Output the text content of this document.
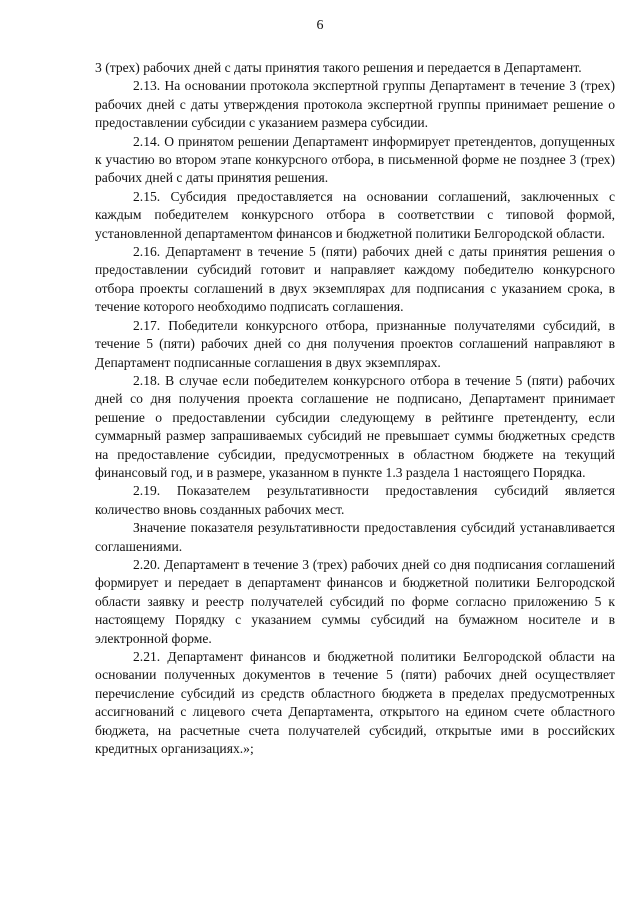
6

3 (трех) рабочих дней с даты принятия такого решения и передается в Департамент.

2.13. На основании протокола экспертной группы Департамент в течение 3 (трех) рабочих дней с даты утверждения протокола экспертной группы принимает решение о предоставлении субсидии с указанием размера субсидии.

2.14. О принятом решении Департамент информирует претендентов, допущенных к участию во втором этапе конкурсного отбора, в письменной форме не позднее 3 (трех) рабочих дней с даты принятия решения.

2.15. Субсидия предоставляется на основании соглашений, заключенных с каждым победителем конкурсного отбора в соответствии с типовой формой, установленной департаментом финансов и бюджетной политики Белгородской области.

2.16. Департамент в течение 5 (пяти) рабочих дней с даты принятия решения о предоставлении субсидий готовит и направляет каждому победителю конкурсного отбора проекты соглашений в двух экземплярах для подписания с указанием срока, в течение которого необходимо подписать соглашения.

2.17. Победители конкурсного отбора, признанные получателями субсидий, в течение 5 (пяти) рабочих дней со дня получения проектов соглашений направляют в Департамент подписанные соглашения в двух экземплярах.

2.18. В случае если победителем конкурсного отбора в течение 5 (пяти) рабочих дней со дня получения проекта соглашение не подписано, Департамент принимает решение о предоставлении субсидии следующему в рейтинге претенденту, если суммарный размер запрашиваемых субсидий не превышает суммы бюджетных средств на предоставление субсидии, предусмотренных в областном бюджете на текущий финансовый год, и в размере, указанном в пункте 1.3 раздела 1 настоящего Порядка.

2.19. Показателем результативности предоставления субсидий является количество вновь созданных рабочих мест.

Значение показателя результативности предоставления субсидий устанавливается соглашениями.

2.20. Департамент в течение 3 (трех) рабочих дней со дня подписания соглашений формирует и передает в департамент финансов и бюджетной политики Белгородской области заявку и реестр получателей субсидий по форме согласно приложению 5 к настоящему Порядку с указанием суммы субсидий на бумажном носителе и в электронной форме.

2.21. Департамент финансов и бюджетной политики Белгородской области на основании полученных документов в течение 5 (пяти) рабочих дней осуществляет перечисление субсидий из средств областного бюджета в пределах предусмотренных ассигнований с лицевого счета Департамента, открытого на едином счете областного бюджета, на расчетные счета получателей субсидий, открытые ими в российских кредитных организациях.»;
